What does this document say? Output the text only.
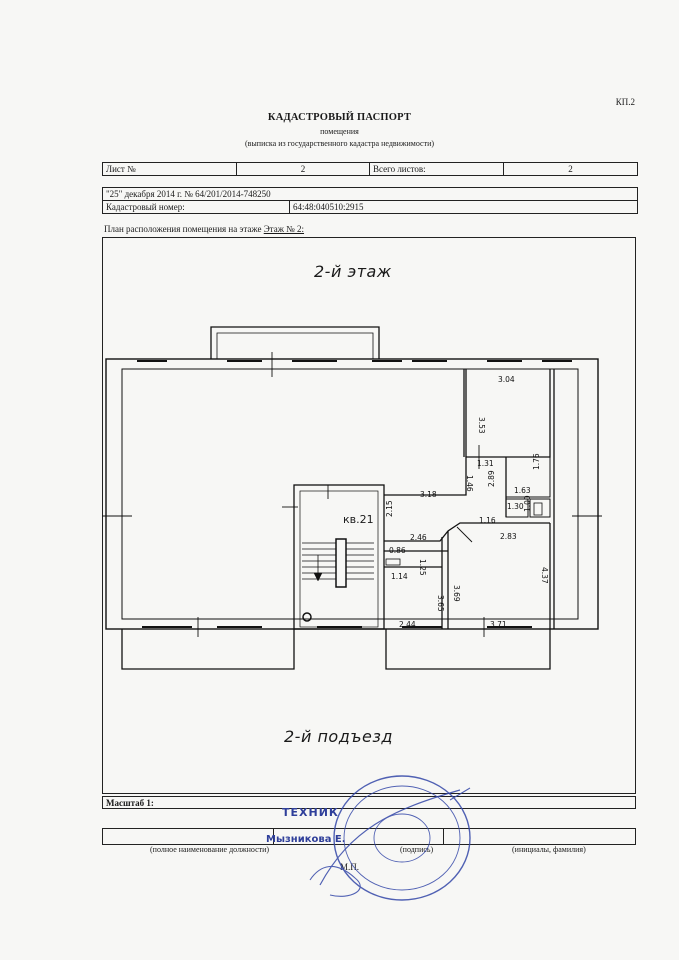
КП.2
КАДАСТРОВЫЙ ПАСПОРТ
помещения
(выписка из государственного кадастра недвижимости)
Лист №	2	Всего листов:	2
"25" декабря 2014 г. № 64/201/2014-748250
Кадастровый номер:	64:48:040510:2915
План расположения помещения на этаже Этаж № 2:
2-й этаж
2-й подъезд
3.04
3.53
1.31
1.46
1.76
2.89
1.63
3.18
1.30 1.00
2.15
1.16
2.46	2.83
0.86
1.25
1.14
3.65
3.69
4.37
2.44	3.71
кв.21
Масштаб 1:
(полное наименование должности)	(подпись)	(инициалы, фамилия)
М.П.
ТЕХНИК
Мызникова Е.
